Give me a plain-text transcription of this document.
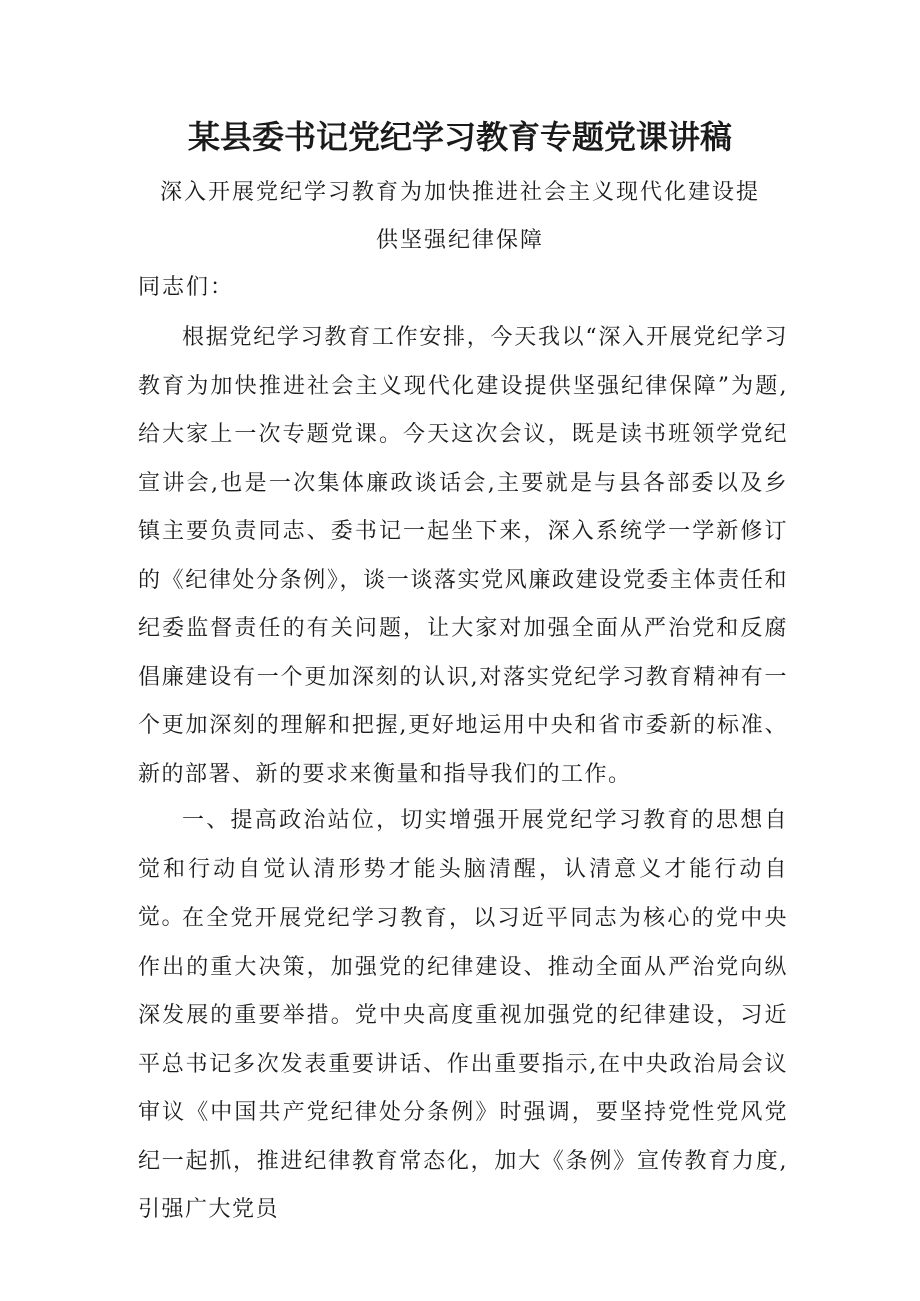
某县委书记党纪学习教育专题党课讲稿

深入开展党纪学习教育为加快推进社会主义现代化建设提

供坚强纪律保障

同志们：

根据党纪学习教育工作安排，今天我以“深入开展党纪学习教育为加快推进社会主义现代化建设提供坚强纪律保障”为题,给大家上一次专题党课。今天这次会议，既是读书班领学党纪宣讲会,也是一次集体廉政谈话会,主要就是与县各部委以及乡镇主要负责同志、委书记一起坐下来，深入系统学一学新修订的《纪律处分条例》，谈一谈落实党风廉政建设党委主体责任和纪委监督责任的有关问题，让大家对加强全面从严治党和反腐倡廉建设有一个更加深刻的认识,对落实党纪学习教育精神有一个更加深刻的理解和把握,更好地运用中央和省市委新的标准、新的部署、新的要求来衡量和指导我们的工作。

一、提高政治站位，切实增强开展党纪学习教育的思想自觉和行动自觉认清形势才能头脑清醒，认清意义才能行动自觉。

在全党开展党纪学习教育，以习近平同志为核心的党中央作出的重大决策，加强党的纪律建设、推动全面从严治党向纵深发展的重要举措。党中央高度重视加强党的纪律建设，习近平总书记多次发表重要讲话、作出重要指示,在中央政治局会议审议《中国共产党纪律处分条例》时强调，要坚持党性党风党纪一起抓，推进纪律教育常态化，加大《条例》宣传教育力度,引强广大党员
